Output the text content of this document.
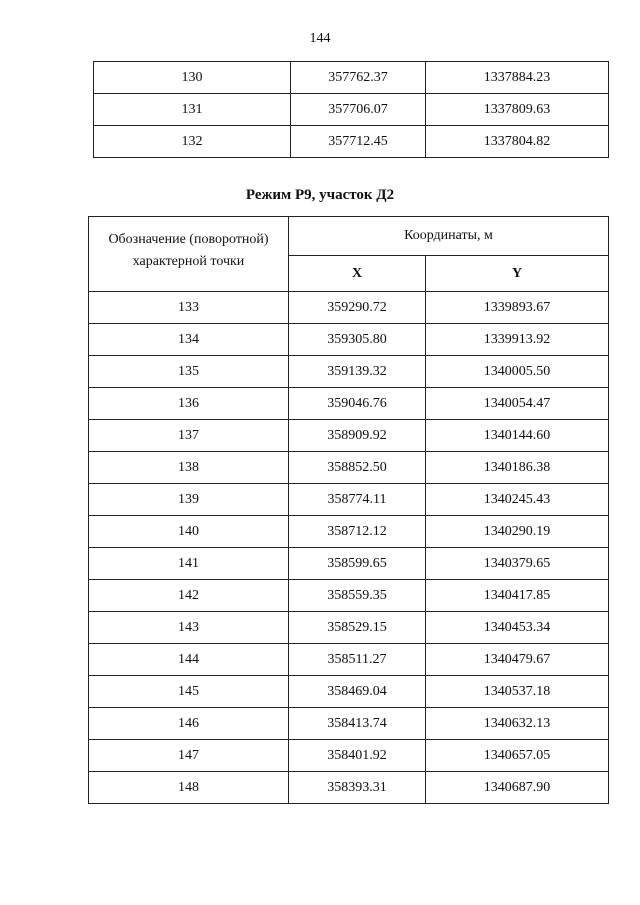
144
130	357762.37	1337884.23
131	357706.07	1337809.63
132	357712.45	1337804.82
Режим Р9, участок Д2
Обозначение (поворотной) характерной точки	Координаты, м	
	X	Y
133	359290.72	1339893.67
134	359305.80	1339913.92
135	359139.32	1340005.50
136	359046.76	1340054.47
137	358909.92	1340144.60
138	358852.50	1340186.38
139	358774.11	1340245.43
140	358712.12	1340290.19
141	358599.65	1340379.65
142	358559.35	1340417.85
143	358529.15	1340453.34
144	358511.27	1340479.67
145	358469.04	1340537.18
146	358413.74	1340632.13
147	358401.92	1340657.05
148	358393.31	1340687.90
